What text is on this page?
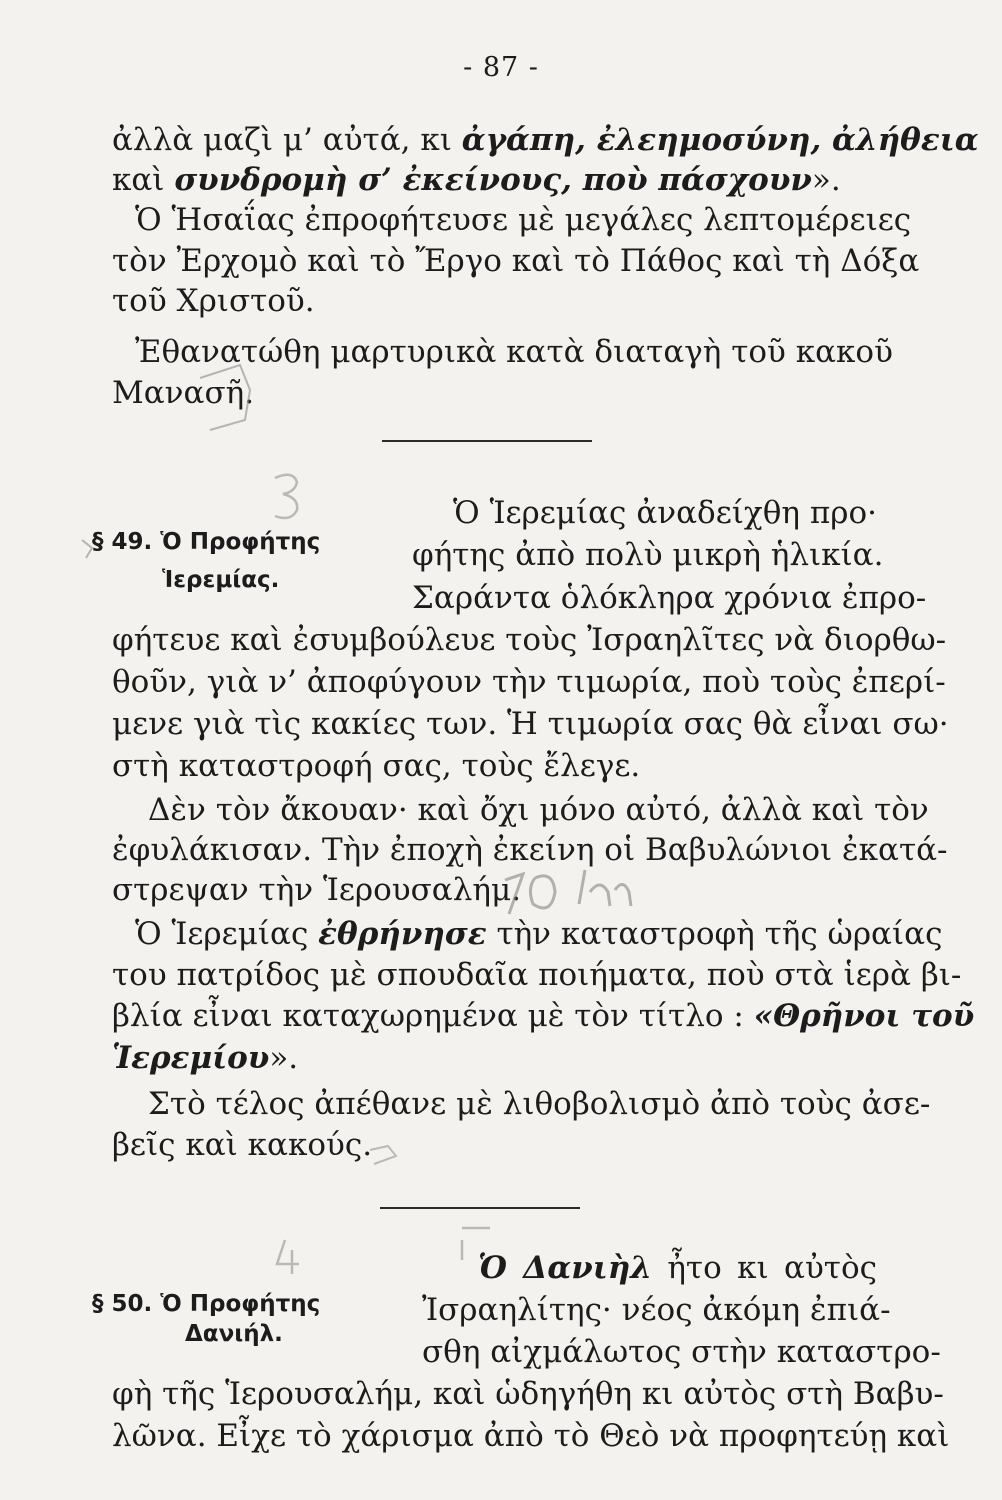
- 87 -
ἀλλὰ μαζὶ μ’ αὐτά, κι ἀγάπη, ἐλεημοσύνη, ἀλήθεια
καὶ συνδρομὴ σ’ ἐκείνους, ποὺ πάσχουν».
Ὁ Ἡσαΐας ἐπροφήτευσε μὲ μεγάλες λεπτομέρειες
τὸν Ἐρχομὸ καὶ τὸ Ἔργο καὶ τὸ Πάθος καὶ τὴ Δόξα
τοῦ Χριστοῦ.
Ἐθανατώθη μαρτυρικὰ κατὰ διαταγὴ τοῦ κακοῦ
Μανασῆ.
§ 49. Ὁ Προφήτης
Ἱερεμίας.
Ὁ Ἱερεμίας ἀναδείχθη προ·
φήτης ἀπὸ πολὺ μικρὴ ἡλικία.
Σαράντα ὁλόκληρα χρόνια ἐπρο-
φήτευε καὶ ἐσυμβούλευε τοὺς Ἰσραηλῖτες νὰ διορθω-
θοῦν, γιὰ ν’ ἀποφύγουν τὴν τιμωρία, ποὺ τοὺς ἐπερί-
μενε γιὰ τὶς κακίες των. Ἡ τιμωρία σας θὰ εἶναι σω·
στὴ καταστροφή σας, τοὺς ἔλεγε.
Δὲν τὸν ἄκουαν· καὶ ὄχι μόνο αὐτό, ἀλλὰ καὶ τὸν
ἐφυλάκισαν. Τὴν ἐποχὴ ἐκείνη οἱ Βαβυλώνιοι ἐκατά-
στρεψαν τὴν Ἱερουσαλήμ.
Ὁ Ἱερεμίας ἐθρήνησε τὴν καταστροφὴ τῆς ὡραίας
του πατρίδος μὲ σπουδαῖα ποιήματα, ποὺ στὰ ἱερὰ βι-
βλία εἶναι καταχωρημένα μὲ τὸν τίτλο : «Θρῆνοι τοῦ
Ἱερεμίου».
Στὸ τέλος ἀπέθανε μὲ λιθοβολισμὸ ἀπὸ τοὺς ἀσε-
βεῖς καὶ κακούς.
§ 50. Ὁ Προφήτης
Δανιήλ.
Ὁ Δανιὴλ ἦτο κι αὐτὸς
Ἰσραηλίτης· νέος ἀκόμη ἐπιά-
σθη αἰχμάλωτος στὴν καταστρο-
φὴ τῆς Ἱερουσαλήμ, καὶ ὡδηγήθη κι αὐτὸς στὴ Βαβυ-
λῶνα. Εἶχε τὸ χάρισμα ἀπὸ τὸ Θεὸ νὰ προφητεύῃ καὶ
